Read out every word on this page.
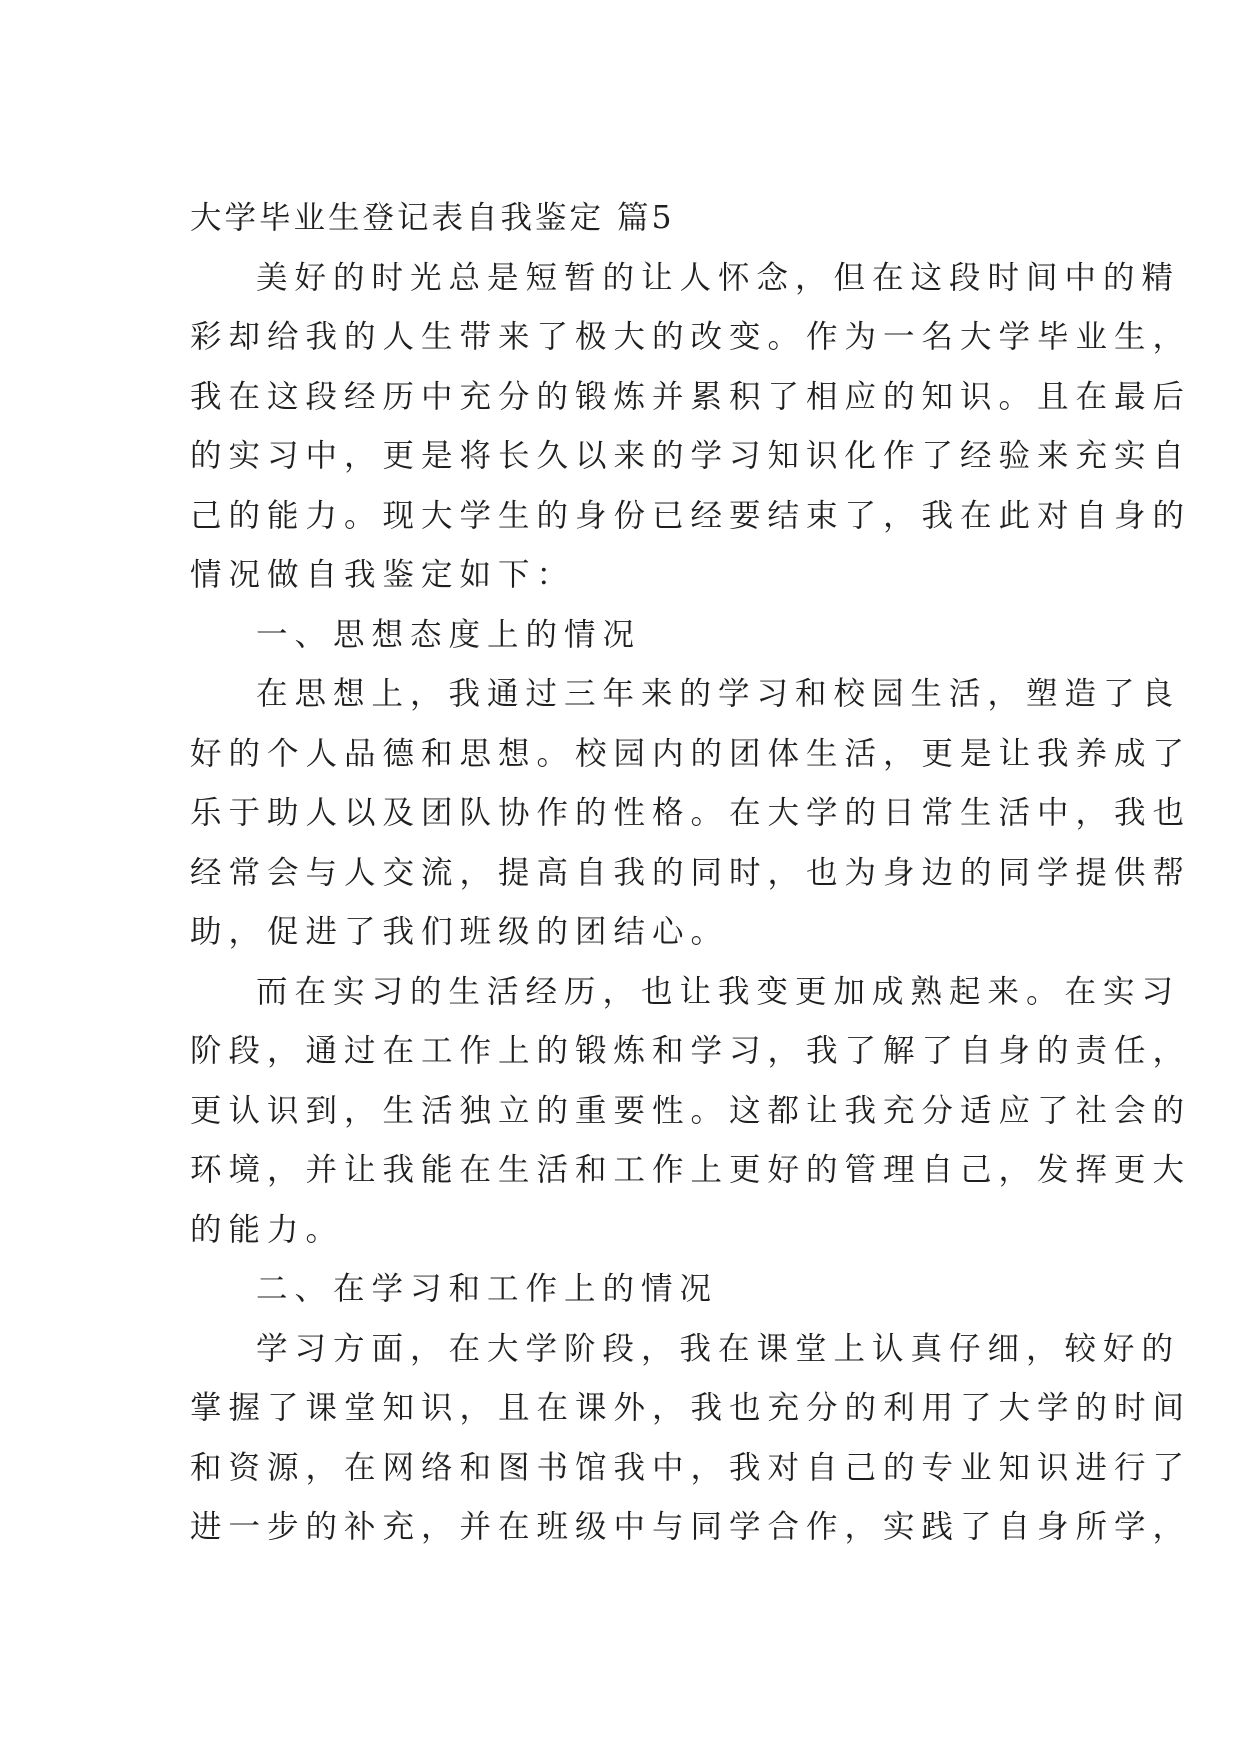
大学毕业生登记表自我鉴定 篇5
美好的时光总是短暂的让人怀念，但在这段时间中的精
彩却给我的人生带来了极大的改变。作为一名大学毕业生，
我在这段经历中充分的锻炼并累积了相应的知识。且在最后
的实习中，更是将长久以来的学习知识化作了经验来充实自
己的能力。现大学生的身份已经要结束了，我在此对自身的
情况做自我鉴定如下：
一、思想态度上的情况
在思想上，我通过三年来的学习和校园生活，塑造了良
好的个人品德和思想。校园内的团体生活，更是让我养成了
乐于助人以及团队协作的性格。在大学的日常生活中，我也
经常会与人交流，提高自我的同时，也为身边的同学提供帮
助，促进了我们班级的团结心。
而在实习的生活经历，也让我变更加成熟起来。在实习
阶段，通过在工作上的锻炼和学习，我了解了自身的责任，
更认识到，生活独立的重要性。这都让我充分适应了社会的
环境，并让我能在生活和工作上更好的管理自己，发挥更大
的能力。
二、在学习和工作上的情况
学习方面，在大学阶段，我在课堂上认真仔细，较好的
掌握了课堂知识，且在课外，我也充分的利用了大学的时间
和资源，在网络和图书馆我中，我对自己的专业知识进行了
进一步的补充，并在班级中与同学合作，实践了自身所学，
